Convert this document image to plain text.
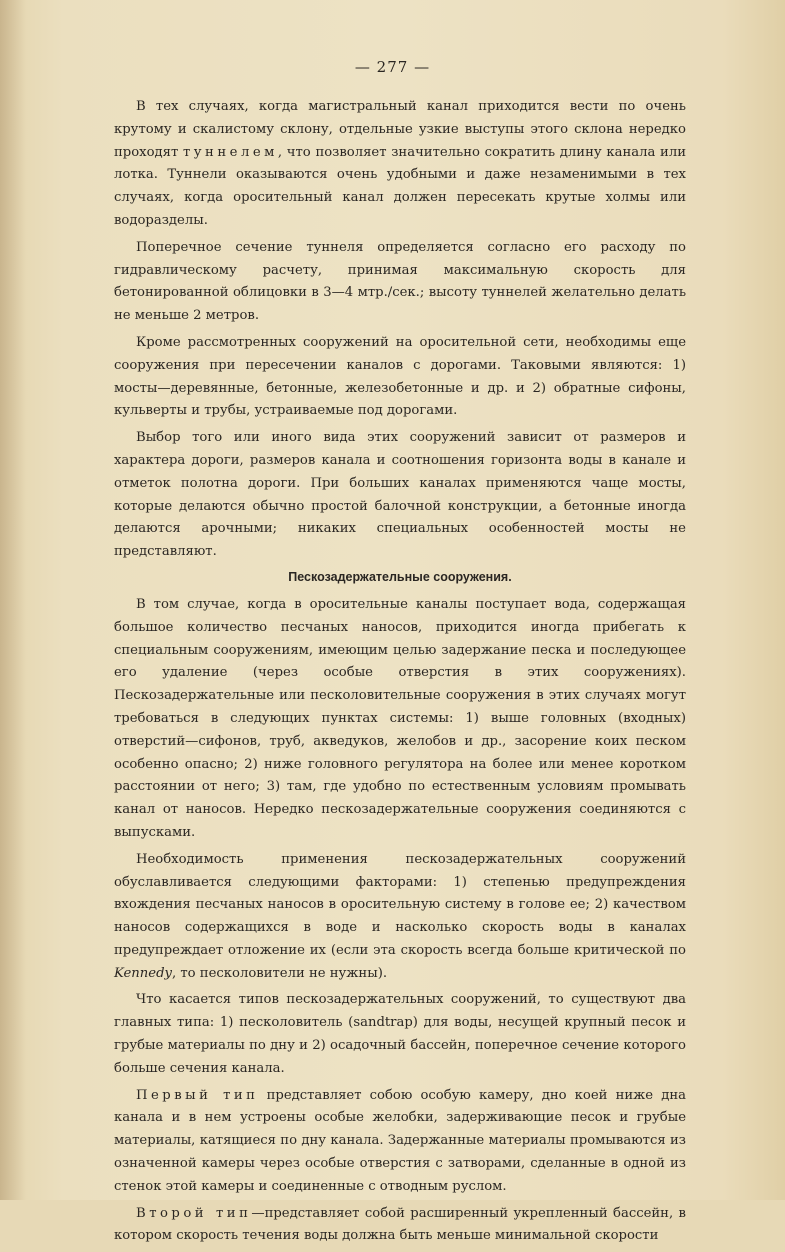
— 277 —

В тех случаях, когда магистральный канал приходится вести по очень крутому и скалистому склону, отдельные узкие выступы этого склона нередко проходят туннелем, что позволяет значительно сократить длину канала или лотка. Туннели оказываются очень удобными и даже незаменимыми в тех случаях, когда оросительный канал должен пересекать крутые холмы или водоразделы.

Поперечное сечение туннеля определяется согласно его расходу по гидравлическому расчету, принимая максимальную скорость для бетонированной облицовки в 3—4 мтр./сек.; высоту туннелей желательно делать не меньше 2 метров.

Кроме рассмотренных сооружений на оросительной сети, необходимы еще сооружения при пересечении каналов с дорогами. Таковыми являются: 1) мосты—деревянные, бетонные, железобетонные и др. и 2) обратные сифоны, кульверты и трубы, устраиваемые под дорогами.

Выбор того или иного вида этих сооружений зависит от размеров и характера дороги, размеров канала и соотношения горизонта воды в канале и отметок полотна дороги. При больших каналах применяются чаще мосты, которые делаются обычно простой балочной конструкции, а бетонные иногда делаются арочными; никаких специальных особенностей мосты не представляют.

Пескозадержательные сооружения.

В том случае, когда в оросительные каналы поступает вода, содержащая большое количество песчаных наносов, приходится иногда прибегать к специальным сооружениям, имеющим целью задержание песка и последующее его удаление (через особые отверстия в этих сооружениях). Пескозадержательные или песколовительные сооружения в этих случаях могут требоваться в следующих пунктах системы: 1) выше головных (входных) отверстий—сифонов, труб, акведуков, желобов и др., засорение коих песком особенно опасно; 2) ниже головного регулятора на более или менее коротком расстоянии от него; 3) там, где удобно по естественным условиям промывать канал от наносов. Нередко пескозадержательные сооружения соединяются с выпусками.

Необходимость применения пескозадержательных сооружений обуславливается следующими факторами: 1) степенью предупреждения вхождения песчаных наносов в оросительную систему в голове ее; 2) качеством наносов содержащихся в воде и насколько скорость воды в каналах предупреждает отложение их (если эта скорость всегда больше критической по Kennedy, то песколовители не нужны).

Что касается типов пескозадержательных сооружений, то существуют два главных типа: 1) песколовитель (sandtrap) для воды, несущей крупный песок и грубые материалы по дну и 2) осадочный бассейн, поперечное сечение которого больше сечения канала.

Первый тип представляет собою особую камеру, дно коей ниже дна канала и в нем устроены особые желобки, задерживающие песок и грубые материалы, катящиеся по дну канала. Задержанные материалы промываются из означенной камеры через особые отверстия с затворами, сделанные в одной из стенок этой камеры и соединенные с отводным руслом.

Второй тип—представляет собой расширенный укрепленный бассейн, в котором скорость течения воды должна быть меньше минимальной скорости
